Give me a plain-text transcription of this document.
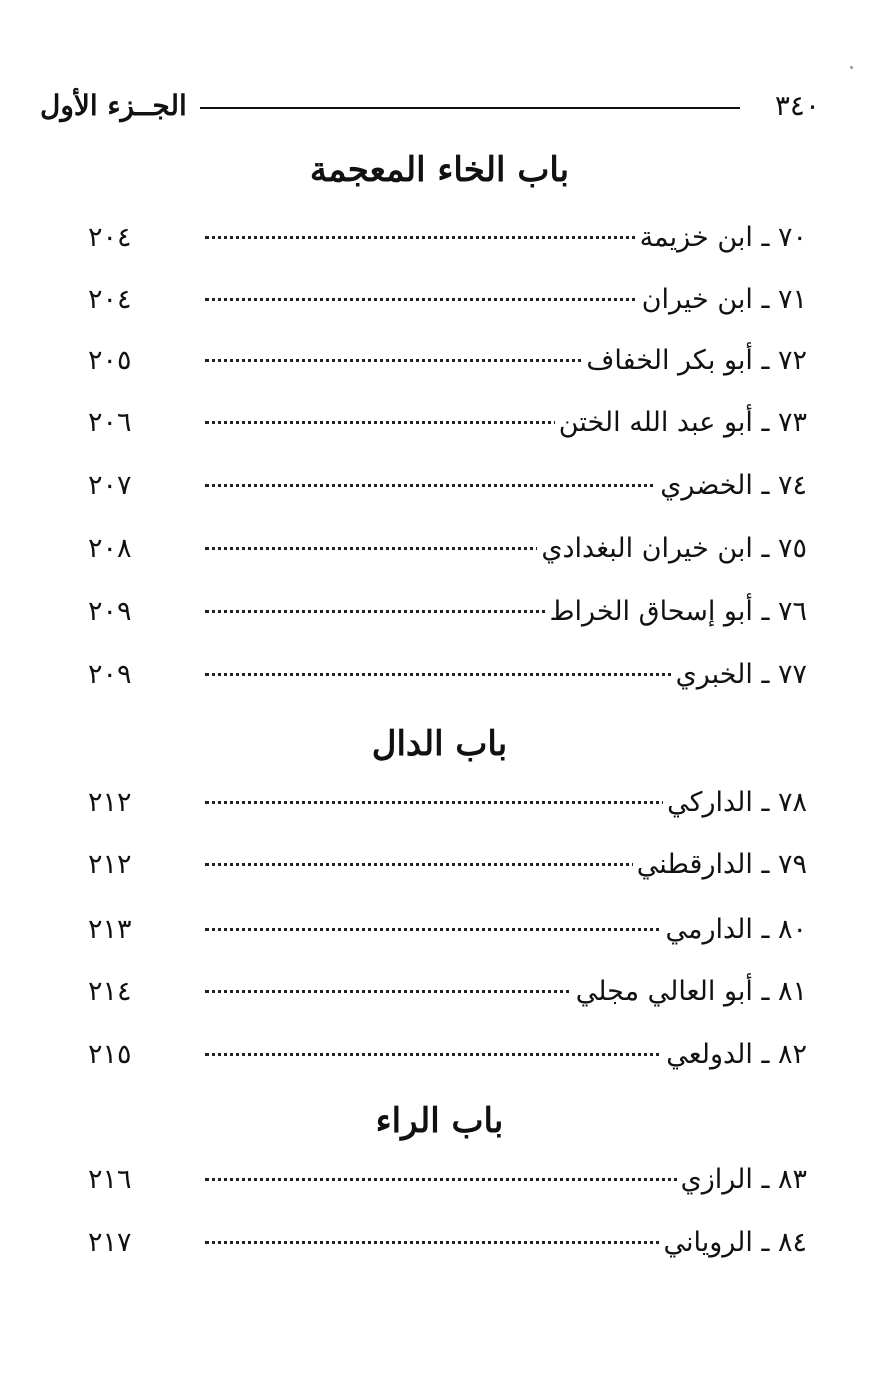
٣٤٠
الجــزء الأول
باب الخاء المعجمة
٧٠ ـ ابن خزيمة
٢٠٤
٧١ ـ ابن خيران
٢٠٤
٧٢ ـ أبو بكر الخفاف
٢٠٥
٧٣ ـ أبو عبد الله الختن
٢٠٦
٧٤ ـ الخضري
٢٠٧
٧٥ ـ ابن خيران البغدادي
٢٠٨
٧٦ ـ أبو إسحاق الخراط
٢٠٩
٧٧ ـ الخبري
٢٠٩
باب الدال
٧٨ ـ الداركي
٢١٢
٧٩ ـ الدارقطني
٢١٢
٨٠ ـ الدارمي
٢١٣
٨١ ـ أبو العالي مجلي
٢١٤
٨٢ ـ الدولعي
٢١٥
باب الراء
٨٣ ـ الرازي
٢١٦
٨٤ ـ الروياني
٢١٧
